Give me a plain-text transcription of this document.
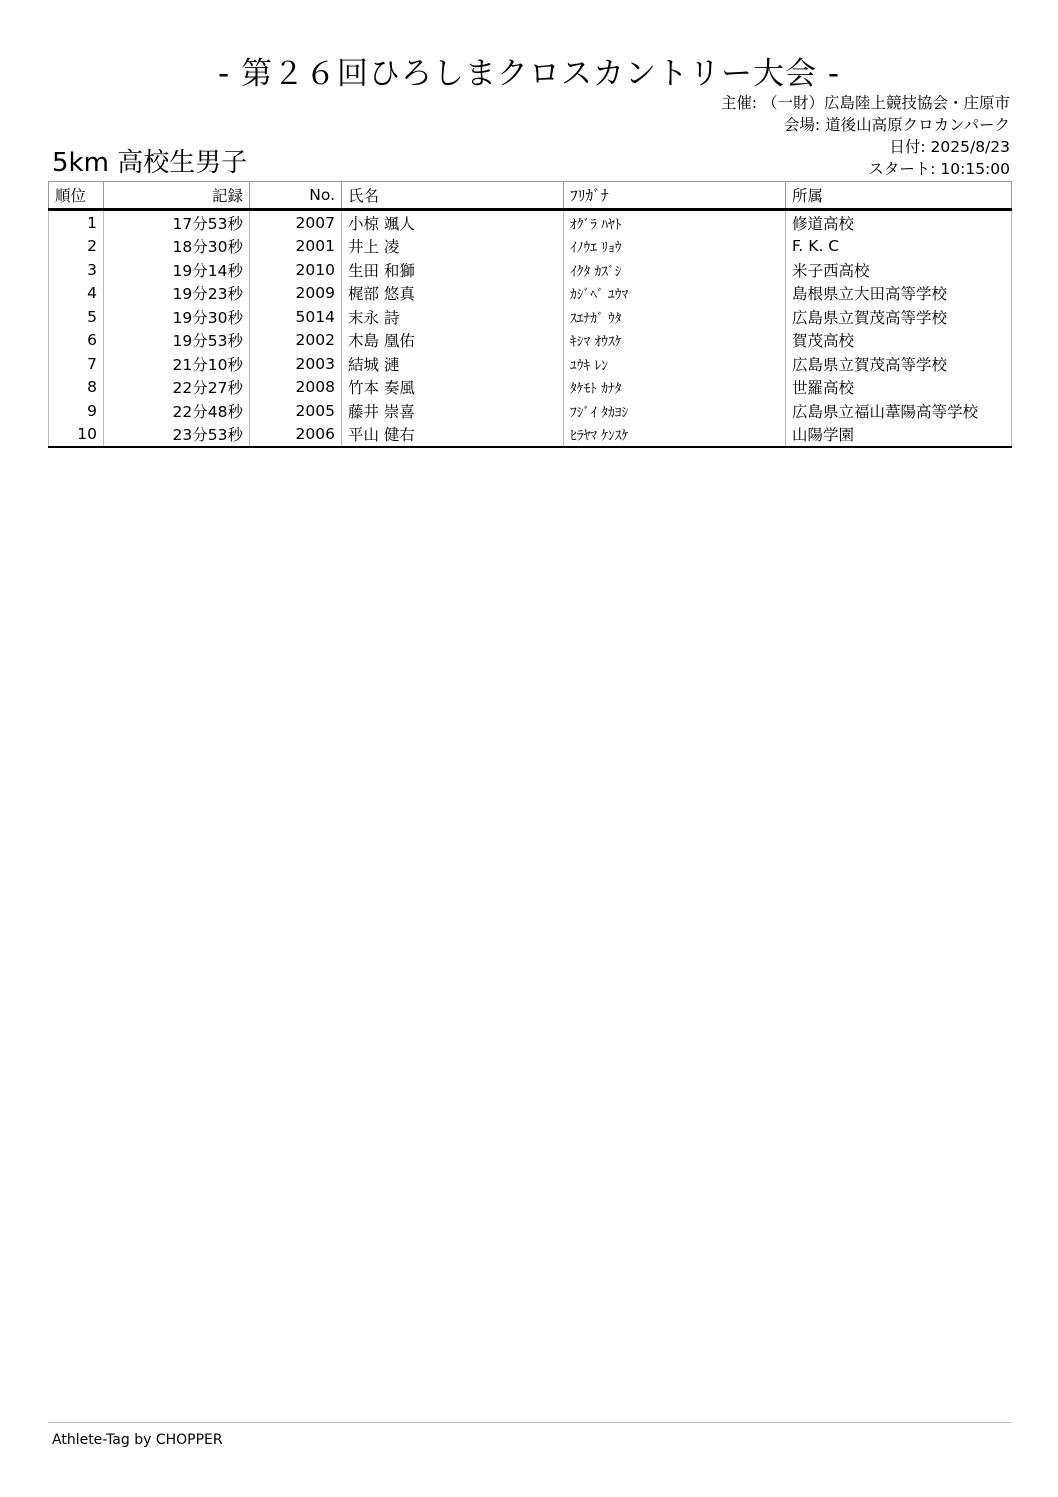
- 第２６回ひろしまクロスカントリー大会 -
主催: （一財）広島陸上競技協会・庄原市
会場: 道後山高原クロカンパーク
日付: 2025/8/23
スタート: 10:15:00
5km 高校生男子
順位	記録	No.	氏名	ﾌﾘｶﾞﾅ	所属
1	17分53秒	2007	小椋 颯人	ｵｸﾞﾗ ﾊﾔﾄ	修道高校
2	18分30秒	2001	井上 凌	ｲﾉｳｴ ﾘｮｳ	F. K. C
3	19分14秒	2010	生田 和獅	ｲｸﾀ ｶｽﾞｼ	米子西高校
4	19分23秒	2009	梶部 悠真	ｶｼﾞﾍﾞ ﾕｳﾏ	島根県立大田高等学校
5	19分30秒	5014	末永 詩	ｽｴﾅｶﾞ ｳﾀ	広島県立賀茂高等学校
6	19分53秒	2002	木島 凰佑	ｷｼﾏ ｵｳｽｹ	賀茂高校
7	21分10秒	2003	結城 漣	ﾕｳｷ ﾚﾝ	広島県立賀茂高等学校
8	22分27秒	2008	竹本 奏風	ﾀｹﾓﾄ ｶﾅﾀ	世羅高校
9	22分48秒	2005	藤井 崇喜	ﾌｼﾞｲ ﾀｶﾖｼ	広島県立福山葦陽高等学校
10	23分53秒	2006	平山 健右	ﾋﾗﾔﾏ ｹﾝｽｹ	山陽学園
Athlete-Tag by CHOPPER
